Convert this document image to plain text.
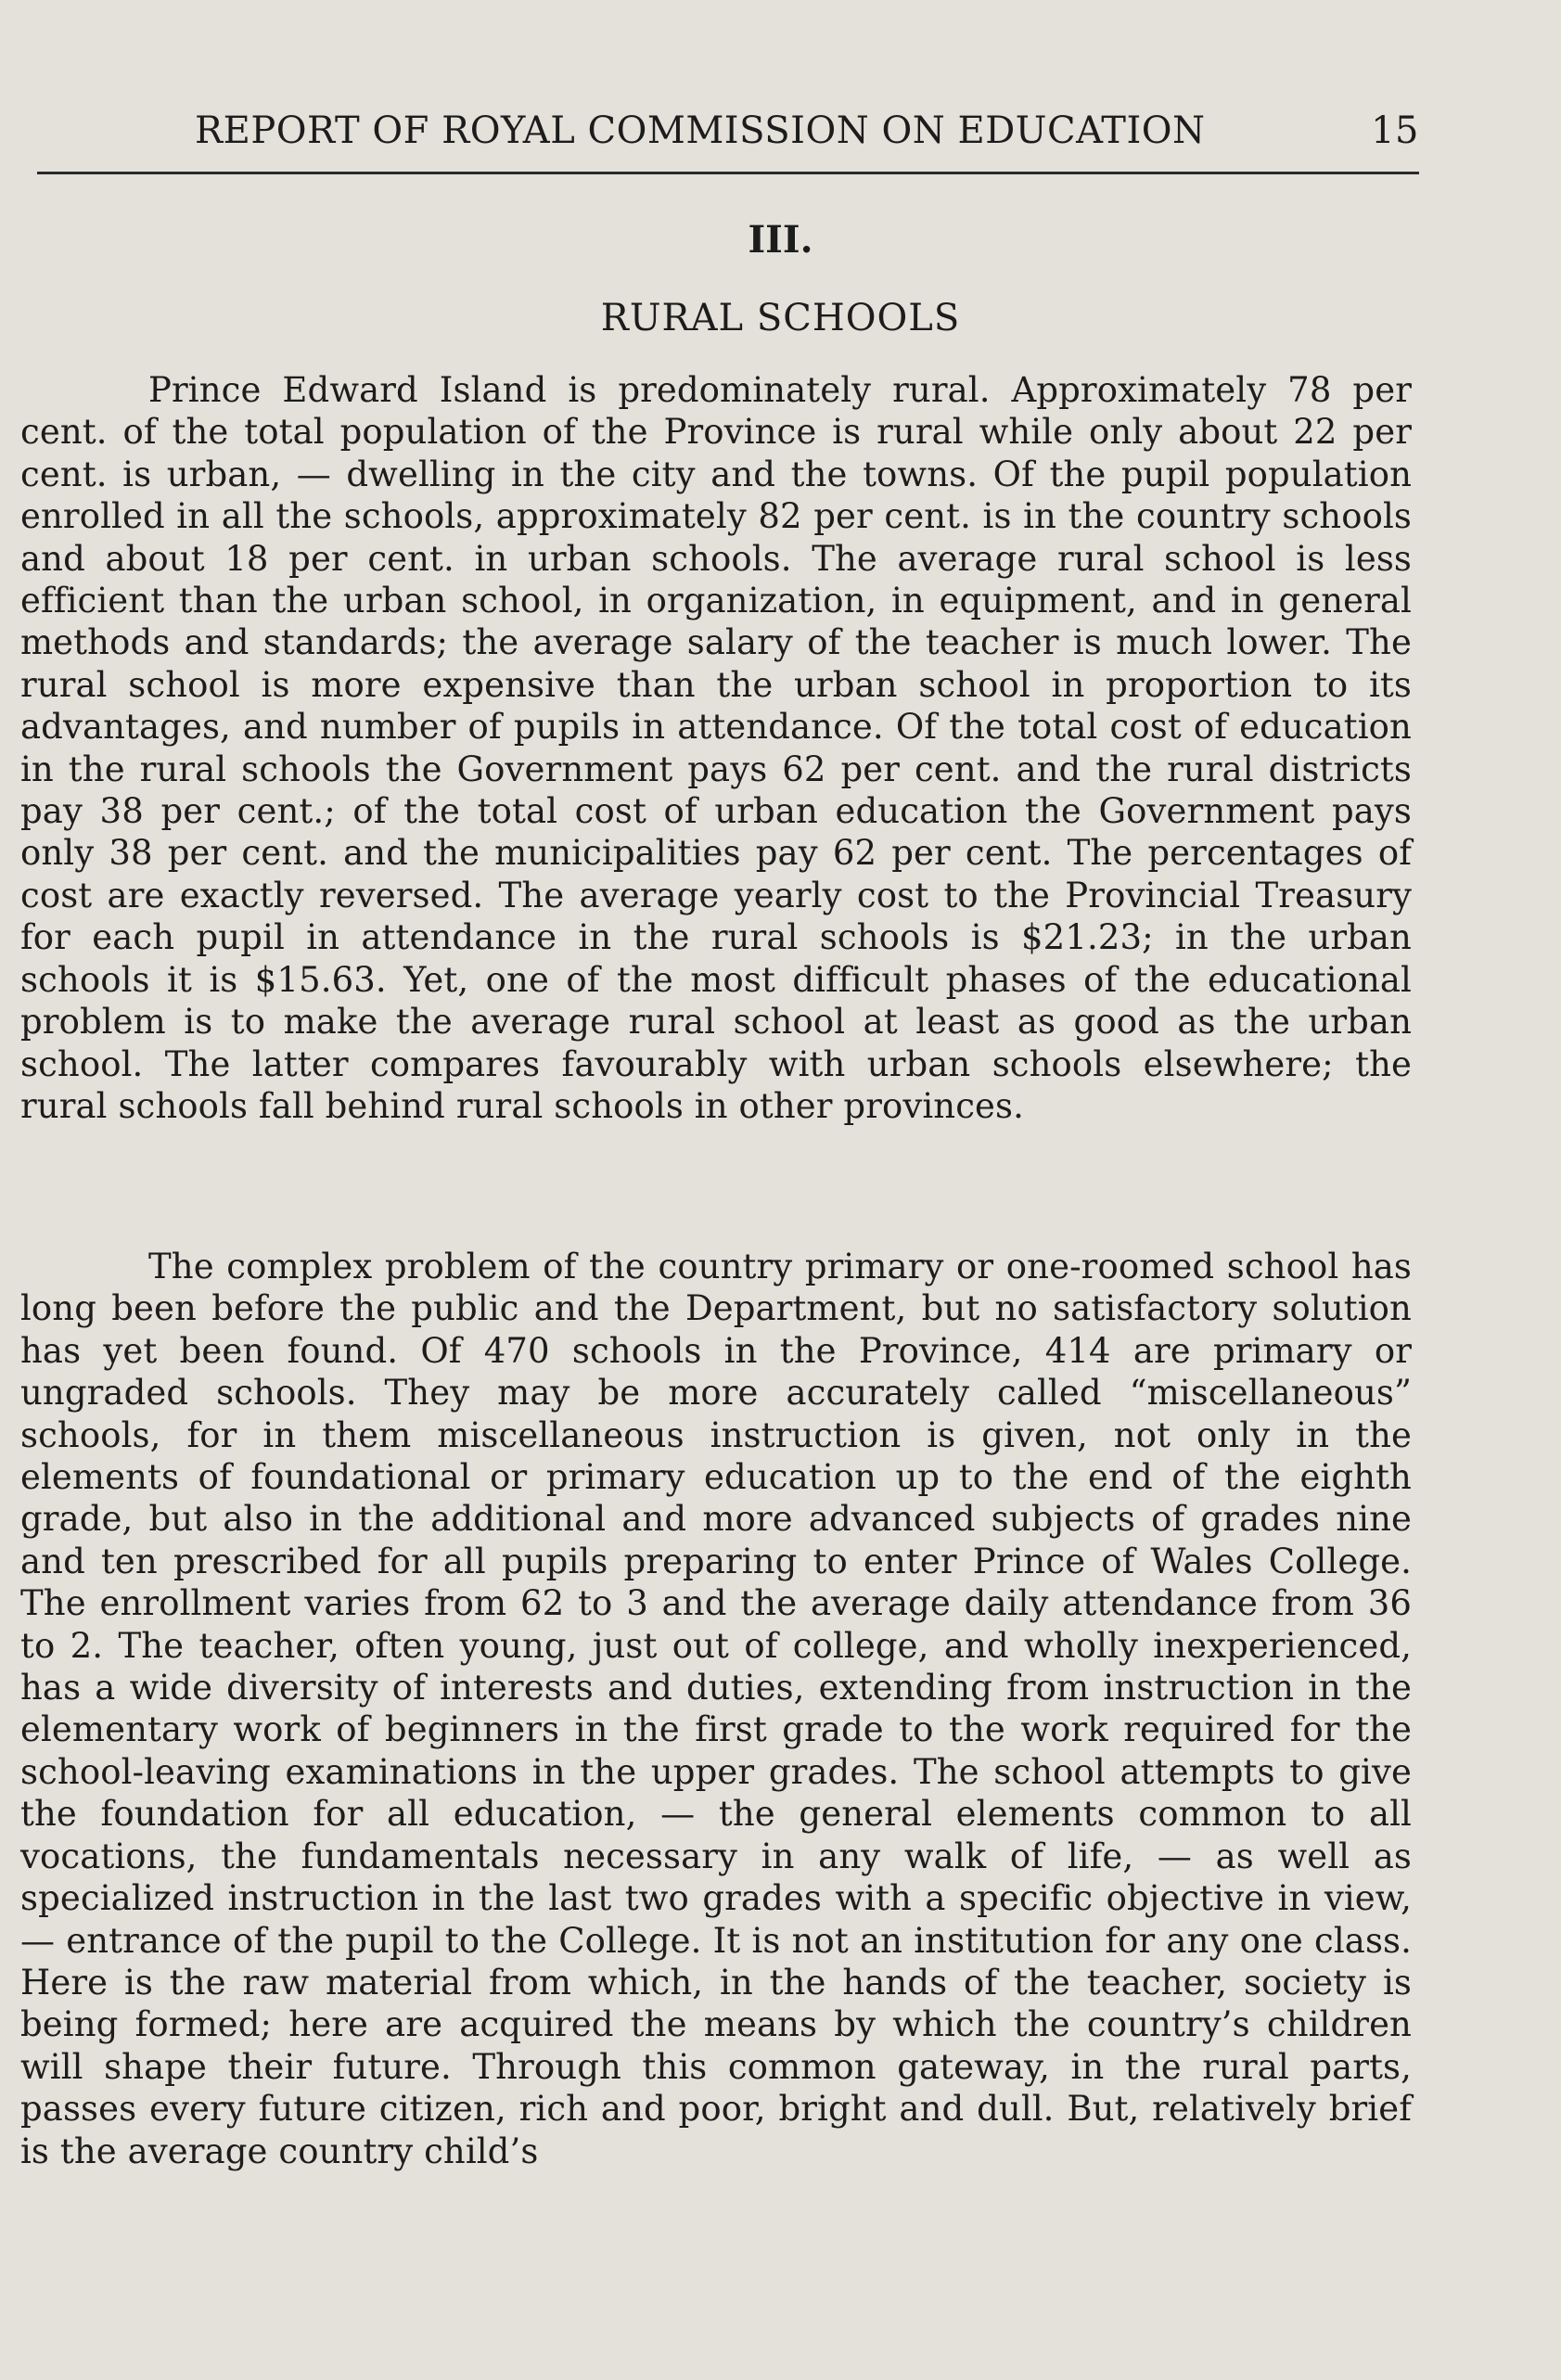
REPORT OF ROYAL COMMISSION ON EDUCATION	15
III.
RURAL SCHOOLS

Prince Edward Island is predominately rural. Approximately 78 per cent. of the total population of the Province is rural while only about 22 per cent. is urban, — dwelling in the city and the towns. Of the pupil population enrolled in all the schools, approximately 82 per cent. is in the country schools and about 18 per cent. in urban schools. The average rural school is less efficient than the urban school, in organization, in equipment, and in general methods and standards; the average salary of the teacher is much lower. The rural school is more expensive than the urban school in proportion to its advantages, and number of pupils in attendance. Of the total cost of education in the rural schools the Government pays 62 per cent. and the rural districts pay 38 per cent.; of the total cost of urban education the Government pays only 38 per cent. and the municipalities pay 62 per cent. The percentages of cost are exactly reversed. The average yearly cost to the Provincial Treasury for each pupil in attendance in the rural schools is $21.23; in the urban schools it is $15.63. Yet, one of the most difficult phases of the educational problem is to make the average rural school at least as good as the urban school. The latter compares favourably with urban schools elsewhere; the rural schools fall behind rural schools in other provinces.

The complex problem of the country primary or one-roomed school has long been before the public and the Department, but no satisfactory solution has yet been found. Of 470 schools in the Province, 414 are primary or ungraded schools. They may be more accurately called “miscellaneous” schools, for in them miscellaneous instruction is given, not only in the elements of foundational or primary education up to the end of the eighth grade, but also in the additional and more advanced subjects of grades nine and ten prescribed for all pupils preparing to enter Prince of Wales College. The enrollment varies from 62 to 3 and the average daily attendance from 36 to 2. The teacher, often young, just out of college, and wholly inexperienced, has a wide diversity of interests and duties, extending from instruction in the elementary work of beginners in the first grade to the work required for the school-leaving examinations in the upper grades. The school attempts to give the foundation for all education, — the general elements common to all vocations, the fundamentals necessary in any walk of life, — as well as specialized instruction in the last two grades with a specific objective in view, — entrance of the pupil to the College. It is not an institution for any one class. Here is the raw material from which, in the hands of the teacher, society is being formed; here are acquired the means by which the country’s children will shape their future. Through this common gateway, in the rural parts, passes every future citizen, rich and poor, bright and dull. But, relatively brief is the average country child’s
